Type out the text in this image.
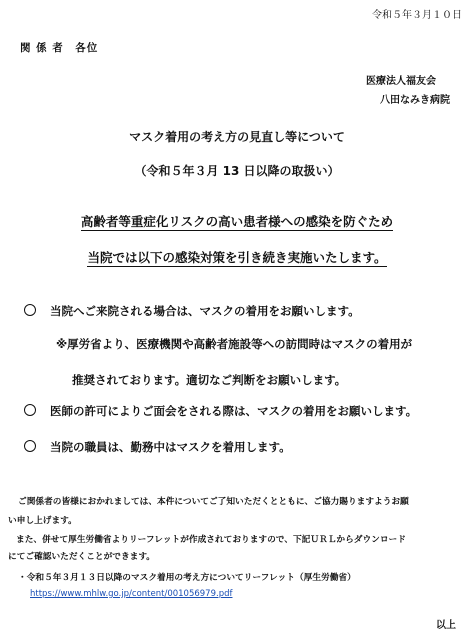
令和５年３月１０日
関 係 者　各位
医療法人福友会
八田なみき病院
マスク着用の考え方の見直し等について
（令和５年３月 13 日以降の取扱い）
高齢者等重症化リスクの高い患者様への感染を防ぐため
当院では以下の感染対策を引き続き実施いたします。
当院へご来院される場合は、マスクの着用をお願いします。
※厚労省より、医療機関や高齢者施設等への訪問時はマスクの着用が
推奨されております。適切なご判断をお願いします。
医師の許可によりご面会をされる際は、マスクの着用をお願いします。
当院の職員は、勤務中はマスクを着用します。
ご関係者の皆様におかれましては、本件についてご了知いただくとともに、ご協力賜りますようお願
い申し上げます。
また、併せて厚生労働省よりリーフレットが作成されておりますので、下記ＵＲＬからダウンロード
にてご確認いただくことができます。
・令和５年３月１３日以降のマスク着用の考え方についてリーフレット（厚生労働省）
https://www.mhlw.go.jp/content/001056979.pdf
以上
